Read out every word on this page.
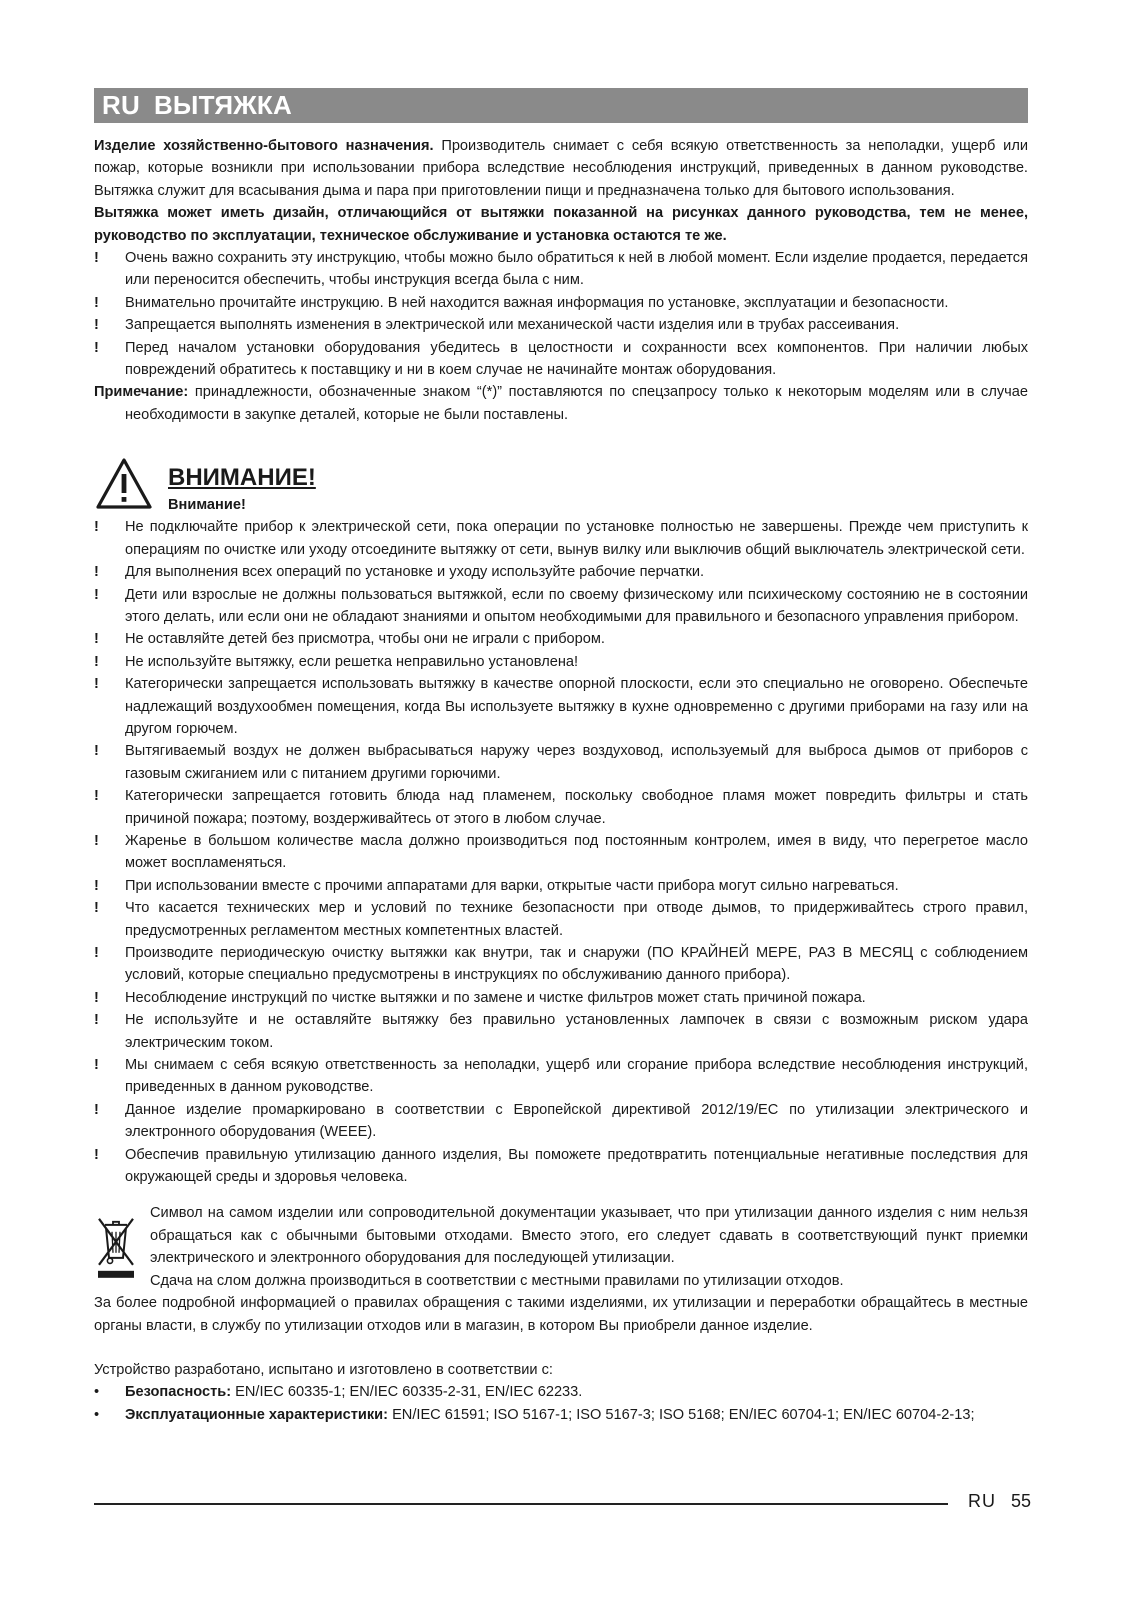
RU ВЫТЯЖКА

Изделие хозяйственно-бытового назначения. Производитель снимает с себя всякую ответственность за неполадки, ущерб или пожар, которые возникли при использовании прибора вследствие несоблюдения инструкций, приведенных в данном руководстве. Вытяжка служит для всасывания дыма и пара при приготовлении пищи и предназначена только для бытового использования.

Вытяжка может иметь дизайн, отличающийся от вытяжки показанной на рисунках данного руководства, тем не менее, руководство по эксплуатации, техническое обслуживание и установка остаются те же.

!	Очень важно сохранить эту инструкцию, чтобы можно было обратиться к ней в любой момент. Если изделие продается, передается или переносится обеспечить, чтобы инструкция всегда была с ним.
!	Внимательно прочитайте инструкцию. В ней находится важная информация по установке, эксплуатации и безопасности.
!	Запрещается выполнять изменения в электрической или механической части изделия или в трубах рассеивания.
!	Перед началом установки оборудования убедитесь в целостности и сохранности всех компонентов. При наличии любых повреждений обратитесь к поставщику и ни в коем случае не начинайте монтаж оборудования.

Примечание: принадлежности, обозначенные знаком “(*)” поставляются по спецзапросу только к некоторым моделям или в случае необходимости в закупке деталей, которые не были поставлены.

ВНИМАНИЕ!
Внимание!
!	Не подключайте прибор к электрической сети, пока операции по установке полностью не завершены. Прежде чем приступить к операциям по очистке или уходу отсоедините вытяжку от сети, вынув вилку или выключив общий выключатель электрической сети.
!	Для выполнения всех операций по установке и уходу используйте рабочие перчатки.
!	Дети или взрослые не должны пользоваться вытяжкой, если по своему физическому или психическому состоянию не в состоянии этого делать, или если они не обладают знаниями и опытом необходимыми для правильного и безопасного управления прибором.
!	Не оставляйте детей без присмотра, чтобы они не играли с прибором.
!	Не используйте вытяжку, если решетка неправильно установлена!
!	Категорически запрещается использовать вытяжку в качестве опорной плоскости, если это специально не оговорено. Обеспечьте надлежащий воздухообмен помещения, когда Вы используете вытяжку в кухне одновременно с другими приборами на газу или на другом горючем.
!	Вытягиваемый воздух не должен выбрасываться наружу через воздуховод, используемый для выброса дымов от приборов с газовым сжиганием или с питанием другими горючими.
!	Категорически запрещается готовить блюда над пламенем, поскольку свободное пламя может повредить фильтры и стать причиной пожара; поэтому, воздерживайтесь от этого в любом случае.
!	Жаренье в большом количестве масла должно производиться под постоянным контролем, имея в виду, что перегретое масло может воспламеняться.
!	При использовании вместе с прочими аппаратами для варки, открытые части прибора могут сильно нагреваться.
!	Что касается технических мер и условий по технике безопасности при отводе дымов, то придерживайтесь строго правил, предусмотренных регламентом местных компетентных властей.
!	Производите периодическую очистку вытяжки как внутри, так и снаружи (ПО КРАЙНЕЙ МЕРЕ, РАЗ В МЕСЯЦ с соблюдением условий, которые специально предусмотрены в инструкциях по обслуживанию данного прибора).
!	Несоблюдение инструкций по чистке вытяжки и по замене и чистке фильтров может стать причиной пожара.
!	Не используйте и не оставляйте вытяжку без правильно установленных лампочек в связи с возможным риском удара электрическим током.
!	Мы снимаем с себя всякую ответственность за неполадки, ущерб или сгорание прибора вследствие несоблюдения инструкций, приведенных в данном руководстве.
!	Данное изделие промаркировано в соответствии с Европейской директивой 2012/19/EC по утилизации электрического и электронного оборудования (WEEE).
!	Обеспечив правильную утилизацию данного изделия, Вы поможете предотвратить потенциальные негативные последствия для окружающей среды и здоровья человека.

Символ на самом изделии или сопроводительной документации указывает, что при утилизации данного изделия с ним нельзя обращаться как с обычными бытовыми отходами. Вместо этого, его следует сдавать в соответствующий пункт приемки электрического и электронного оборудования для последующей утилизации.

Сдача на слом должна производиться в соответствии с местными правилами по утилизации отходов.

За более подробной информацией о правилах обращения с такими изделиями, их утилизации и переработки обращайтесь в местные органы власти, в службу по утилизации отходов или в магазин, в котором Вы приобрели данное изделие.

Устройство разработано, испытано и изготовлено в соответствии с:

•	Безопасность: EN/IEC 60335-1; EN/IEC 60335-2-31, EN/IEC 62233.
•	Эксплуатационные характеристики: EN/IEC 61591; ISO 5167-1; ISO 5167-3; ISO 5168; EN/IEC 60704-1; EN/IEC 60704-2-13;
RU 55
